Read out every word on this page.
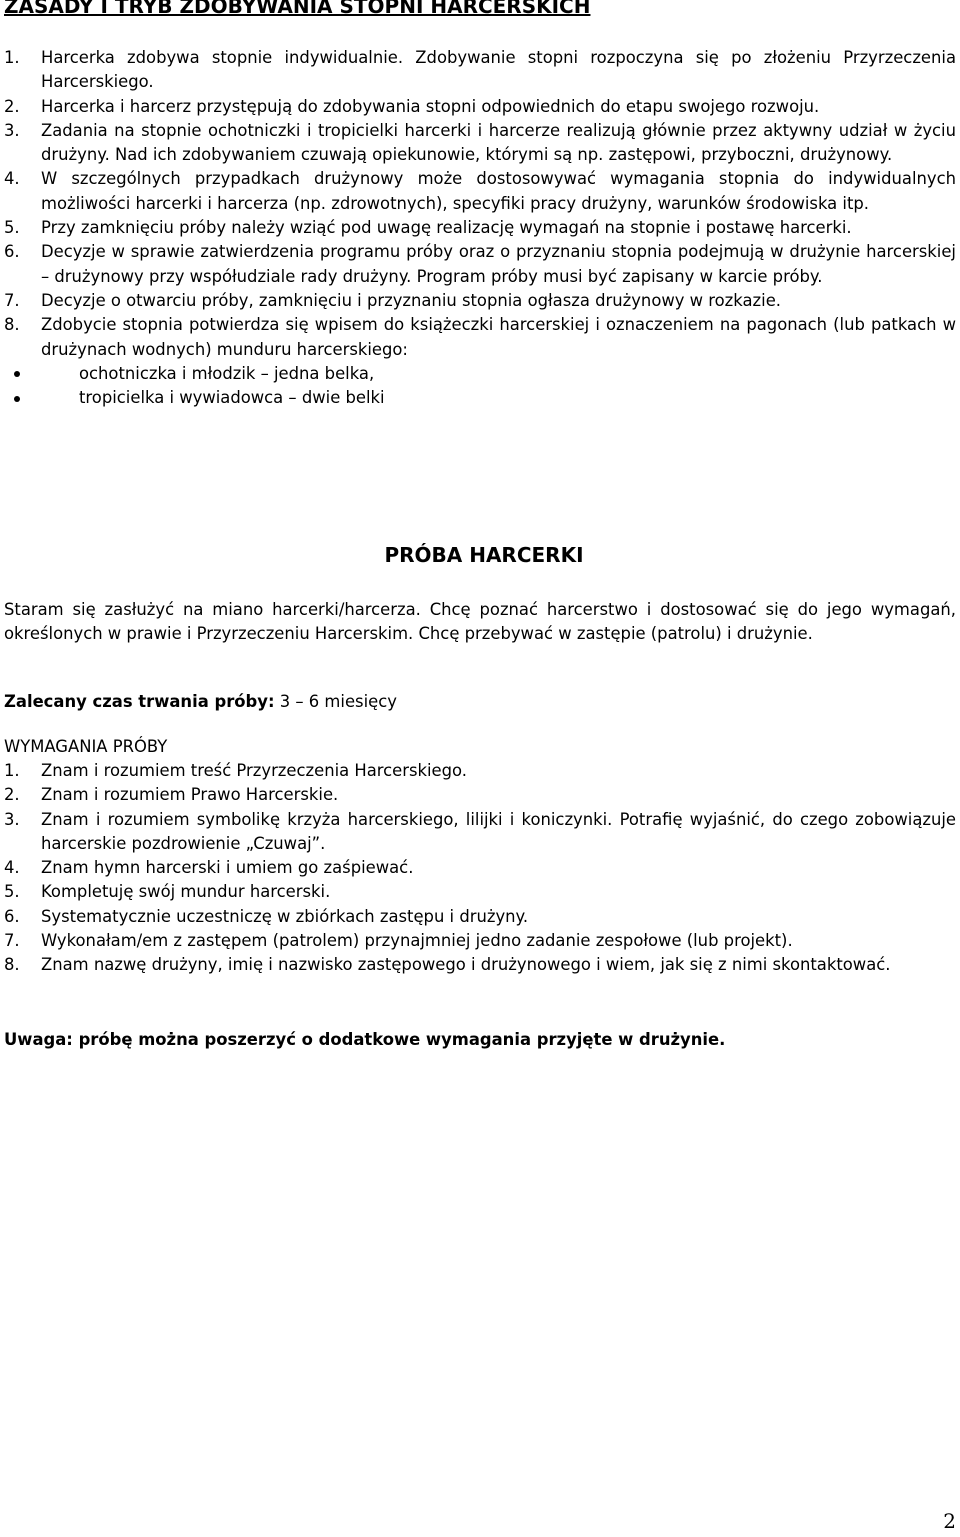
ZASADY I TRYB ZDOBYWANIA STOPNI HARCERSKICH
1.	Harcerka zdobywa stopnie indywidualnie. Zdobywanie stopni rozpoczyna się po złożeniu Przyrzeczenia Harcerskiego.
2.	Harcerka i harcerz przystępują do zdobywania stopni odpowiednich do etapu swojego rozwoju.
3.	Zadania na stopnie ochotniczki i tropicielki harcerki i harcerze realizują głównie przez aktywny udział w życiu drużyny. Nad ich zdobywaniem czuwają opiekunowie, którymi są np. zastępowi, przyboczni, drużynowy.
4.	W szczególnych przypadkach drużynowy może dostosowywać wymagania stopnia do indywidualnych możliwości harcerki i harcerza (np. zdrowotnych), specyfiki pracy drużyny, warunków środowiska itp.
5.	Przy zamknięciu próby należy wziąć pod uwagę realizację wymagań na stopnie i postawę harcerki.
6.	Decyzje w sprawie zatwierdzenia programu próby oraz o przyznaniu stopnia podejmują w drużynie harcerskiej – drużynowy przy współudziale rady drużyny. Program próby musi być zapisany w karcie próby.
7.	Decyzje o otwarciu próby, zamknięciu i przyznaniu stopnia ogłasza drużynowy w rozkazie.
8.	Zdobycie stopnia potwierdza się wpisem do książeczki harcerskiej i oznaczeniem na pagonach (lub patkach w drużynach wodnych) munduru harcerskiego:
ochotniczka i młodzik – jedna belka,
tropicielka i wywiadowca – dwie belki
PRÓBA HARCERKI

Staram się zasłużyć na miano harcerki/harcerza. Chcę poznać harcerstwo i dostosować się do jego wymagań, określonych w prawie i Przyrzeczeniu Harcerskim. Chcę przebywać w zastępie (patrolu) i drużynie.

Zalecany czas trwania próby: 3 – 6 miesięcy
WYMAGANIA PRÓBY
1.	Znam i rozumiem treść Przyrzeczenia Harcerskiego.
2.	Znam i rozumiem Prawo Harcerskie.
3.	Znam i rozumiem symbolikę krzyża harcerskiego, lilijki i koniczynki. Potrafię wyjaśnić, do czego zobowiązuje harcerskie pozdrowienie „Czuwaj”.
4.	Znam hymn harcerski i umiem go zaśpiewać.
5.	Kompletuję swój mundur harcerski.
6.	Systematycznie uczestniczę w zbiórkach zastępu i drużyny.
7.	Wykonałam/em z zastępem (patrolem) przynajmniej jedno zadanie zespołowe (lub projekt).
8.	Znam nazwę drużyny, imię i nazwisko zastępowego i drużynowego i wiem, jak się z nimi skontaktować.
Uwaga: próbę można poszerzyć o dodatkowe wymagania przyjęte w drużynie.
2
